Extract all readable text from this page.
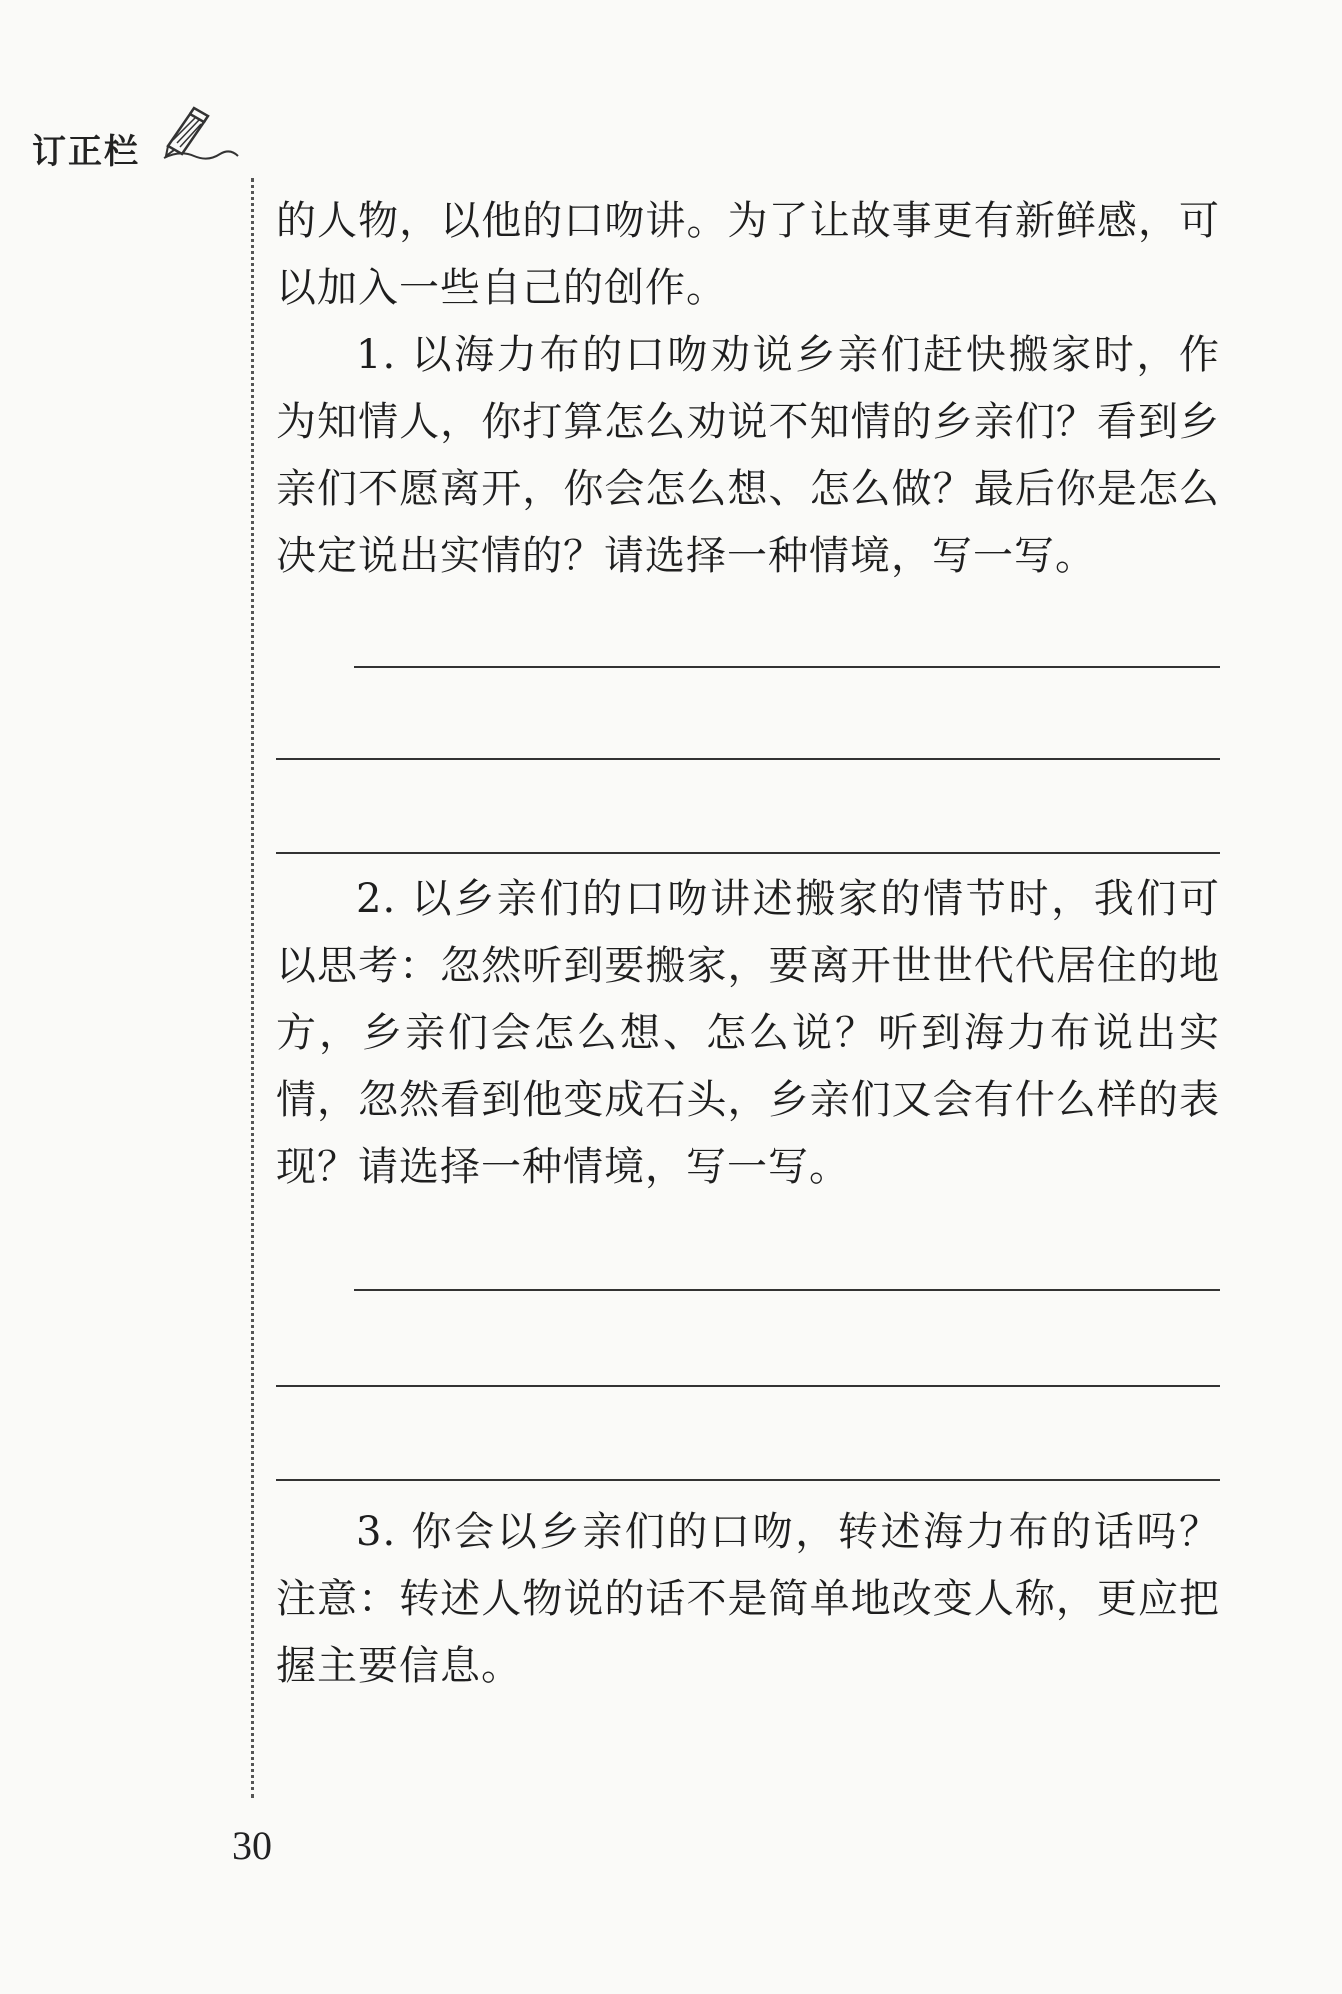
订正栏

的人物，以他的口吻讲。为了让故事更有新鲜感，可以加入一些自己的创作。

1. 以海力布的口吻劝说乡亲们赶快搬家时，作为知情人，你打算怎么劝说不知情的乡亲们？看到乡亲们不愿离开，你会怎么想、怎么做？最后你是怎么决定说出实情的？请选择一种情境，写一写。

2. 以乡亲们的口吻讲述搬家的情节时，我们可以思考：忽然听到要搬家，要离开世世代代居住的地方，乡亲们会怎么想、怎么说？听到海力布说出实情，忽然看到他变成石头，乡亲们又会有什么样的表现？请选择一种情境，写一写。

3. 你会以乡亲们的口吻，转述海力布的话吗？注意：转述人物说的话不是简单地改变人称，更应把握主要信息。

30
